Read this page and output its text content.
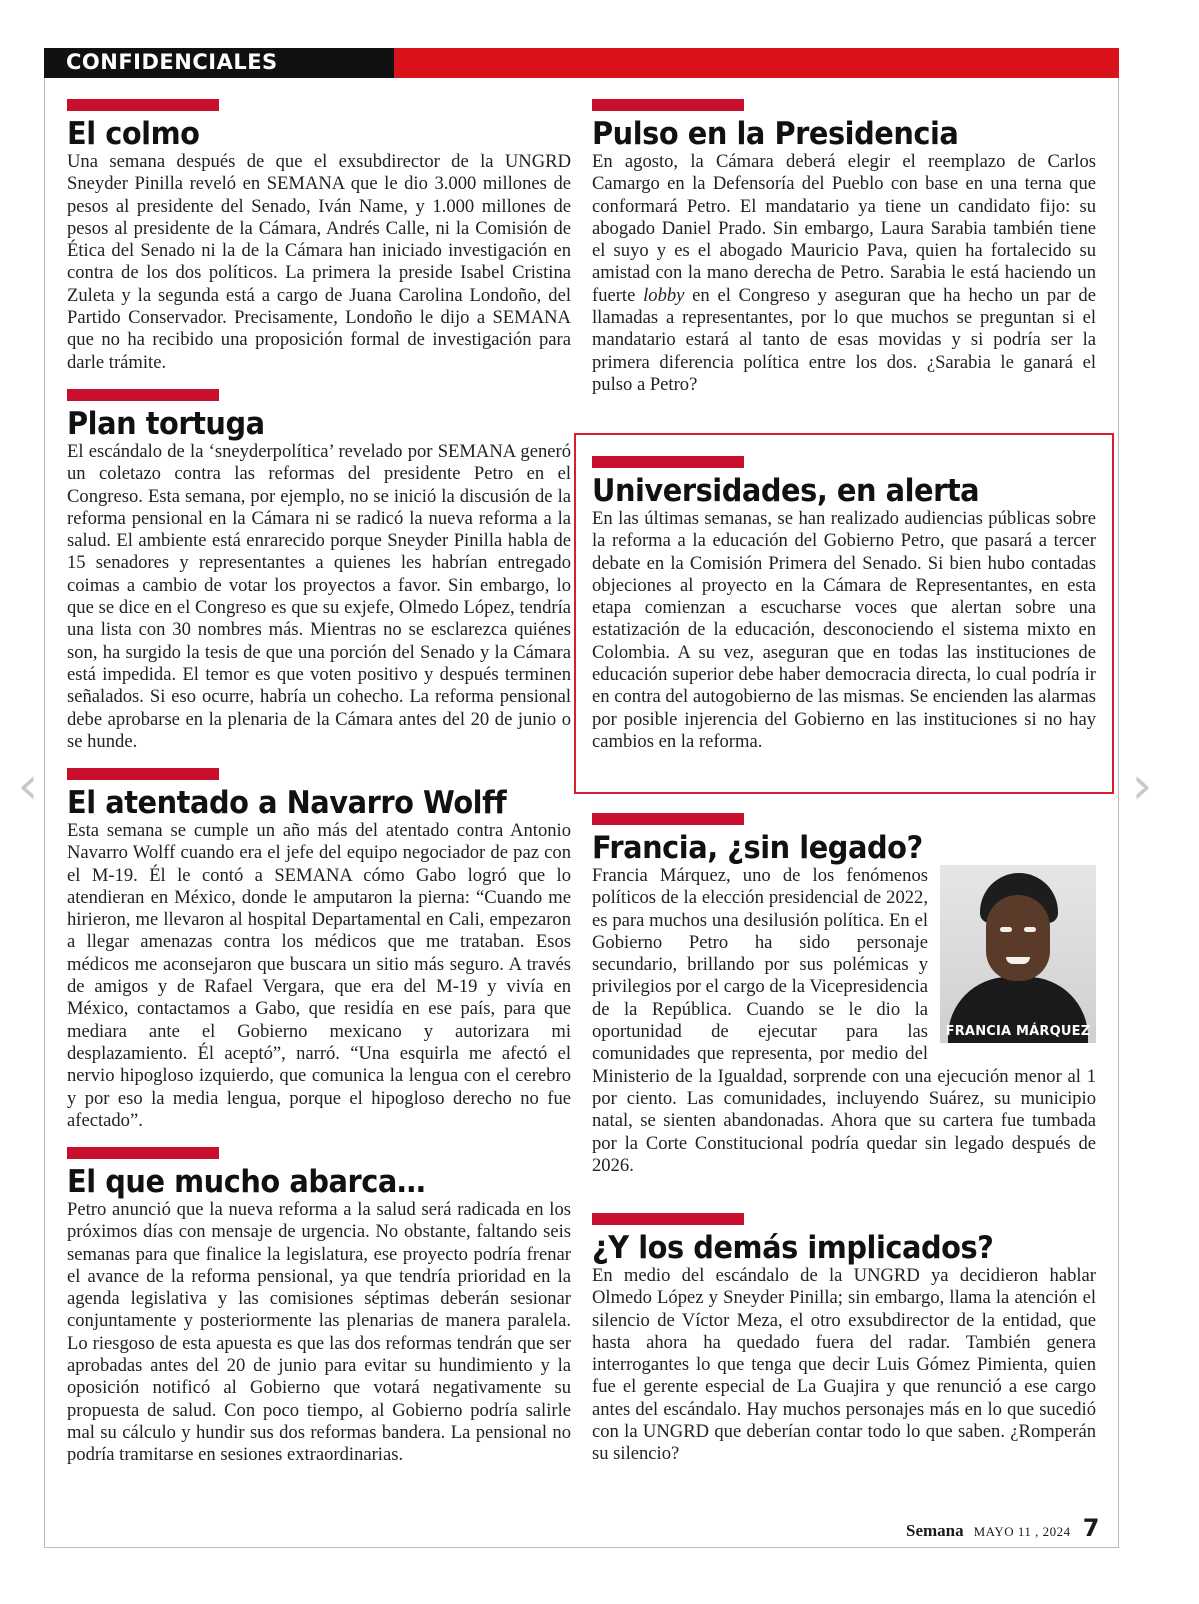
CONFIDENCIALES
El colmo

Una semana después de que el exsubdirector de la UNGRD Sneyder Pinilla reveló en SEMANA que le dio 3.000 millones de pesos al presidente del Senado, Iván Name, y 1.000 millones de pesos al presidente de la Cámara, Andrés Calle, ni la Comisión de Ética del Senado ni la de la Cámara han iniciado investigación en contra de los dos políticos. La primera la preside Isabel Cristina Zuleta y la segunda está a cargo de Juana Carolina Londoño, del Partido Conservador. Precisamente, Londoño le dijo a SEMANA que no ha recibido una proposición formal de investigación para darle trámite.

Plan tortuga

El escándalo de la ‘sneyderpolítica’ revelado por SEMANA generó un coletazo contra las reformas del presidente Petro en el Congreso. Esta semana, por ejemplo, no se inició la discusión de la reforma pensional en la Cámara ni se radicó la nueva reforma a la salud. El ambiente está enrarecido porque Sneyder Pinilla habla de 15 senadores y representantes a quienes les habrían entregado coimas a cambio de votar los proyectos a favor. Sin embargo, lo que se dice en el Congreso es que su exjefe, Olmedo López, tendría una lista con 30 nombres más. Mientras no se esclarezca quiénes son, ha surgido la tesis de que una porción del Senado y la Cámara está impedida. El temor es que voten positivo y después terminen señalados. Si eso ocurre, habría un cohecho. La reforma pensional debe aprobarse en la plenaria de la Cámara antes del 20 de junio o se hunde.

El atentado a Navarro Wolff

Esta semana se cumple un año más del atentado contra Antonio Navarro Wolff cuando era el jefe del equipo negociador de paz con el M-19. Él le contó a SEMANA cómo Gabo logró que lo atendieran en México, donde le amputaron la pierna: “Cuando me hirieron, me llevaron al hospital Departamental en Cali, empezaron a llegar amenazas contra los médicos que me trataban. Esos médicos me aconsejaron que buscara un sitio más seguro. A través de amigos y de Rafael Vergara, que era del M-19 y vivía en México, contactamos a Gabo, que residía en ese país, para que mediara ante el Gobierno mexicano y autorizara mi desplazamiento. Él aceptó”, narró. “Una esquirla me afectó el nervio hipogloso izquierdo, que comunica la lengua con el cerebro y por eso la media lengua, porque el hipogloso derecho no fue afectado”.

El que mucho abarca…

Petro anunció que la nueva reforma a la salud será radicada en los próximos días con mensaje de urgencia. No obstante, faltando seis semanas para que finalice la legislatura, ese proyecto podría frenar el avance de la reforma pensional, ya que tendría prioridad en la agenda legislativa y las comisiones séptimas deberán sesionar conjuntamente y posteriormente las plenarias de manera paralela. Lo riesgoso de esta apuesta es que las dos reformas tendrán que ser aprobadas antes del 20 de junio para evitar su hundimiento y la oposición notificó al Gobierno que votará negativamente su propuesta de salud. Con poco tiempo, al Gobierno podría salirle mal su cálculo y hundir sus dos reformas bandera. La pensional no podría tramitarse en sesiones extraordinarias.

Pulso en la Presidencia

En agosto, la Cámara deberá elegir el reemplazo de Carlos Camargo en la Defensoría del Pueblo con base en una terna que conformará Petro. El mandatario ya tiene un candidato fijo: su abogado Daniel Prado. Sin embargo, Laura Sarabia también tiene el suyo y es el abogado Mauricio Pava, quien ha fortalecido su amistad con la mano derecha de Petro. Sarabia le está haciendo un fuerte lobby en el Congreso y aseguran que ha hecho un par de llamadas a representantes, por lo que muchos se preguntan si el mandatario estará al tanto de esas movidas y si podría ser la primera diferencia política entre los dos. ¿Sarabia le ganará el pulso a Petro?

Universidades, en alerta

En las últimas semanas, se han realizado audiencias públicas sobre la reforma a la educación del Gobierno Petro, que pasará a tercer debate en la Comisión Primera del Senado. Si bien hubo contadas objeciones al proyecto en la Cámara de Representantes, en esta etapa comienzan a escucharse voces que alertan sobre una estatización de la educación, desconociendo el sistema mixto en Colombia. A su vez, aseguran que en todas las instituciones de educación superior debe haber democracia directa, lo cual podría ir en contra del autogobierno de las mismas. Se encienden las alarmas por posible injerencia del Gobierno en las instituciones si no hay cambios en la reforma.

Francia, ¿sin legado?
FRANCIA MÁRQUEZ

Francia Márquez, uno de los fenómenos políticos de la elección presidencial de 2022, es para muchos una desilusión política. En el Gobierno Petro ha sido personaje secundario, brillando por sus polémicas y privilegios por el cargo de la Vicepresidencia de la República. Cuando se le dio la oportunidad de ejecutar para las comunidades que representa, por medio del Ministerio de la Igualdad, sorprende con una ejecución menor al 1 por ciento. Las comunidades, incluyendo Suárez, su municipio natal, se sienten abandonadas. Ahora que su cartera fue tumbada por la Corte Constitucional podría quedar sin legado después de 2026.

¿Y los demás implicados?

En medio del escándalo de la UNGRD ya decidieron hablar Olmedo López y Sneyder Pinilla; sin embargo, llama la atención el silencio de Víctor Meza, el otro exsubdirector de la entidad, que hasta ahora ha quedado fuera del radar. También genera interrogantes lo que tenga que decir Luis Gómez Pimienta, quien fue el gerente especial de La Guajira y que renunció a ese cargo antes del escándalo. Hay muchos personajes más en lo que sucedió con la UNGRD que deberían contar todo lo que saben. ¿Romperán su silencio?

‹	›
Semana MAYO 11 , 2024 7
